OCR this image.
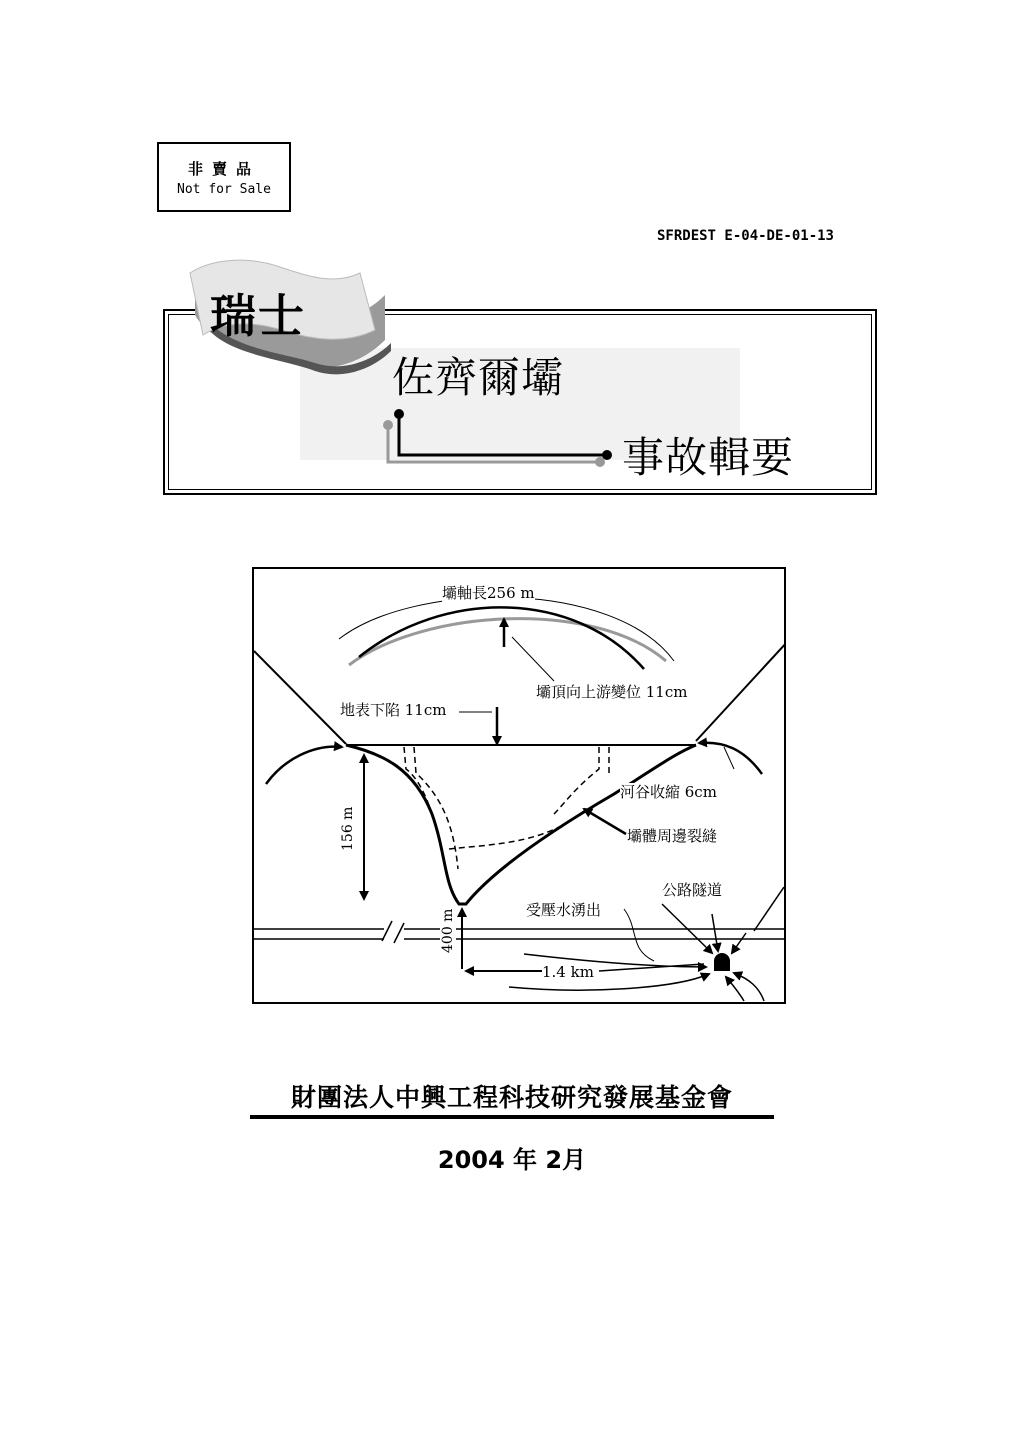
非賣品
Not for Sale
SFRDEST E-04-DE-01-13
瑞士
佐齊爾壩
事故輯要
壩軸長256 m
壩頂向上游變位 11cm
地表下陷 11cm
河谷收縮 6cm
壩體周邊裂縫
公路隧道
受壓水湧出
156 m
400 m
1.4 km
財團法人中興工程科技研究發展基金會
2004 年 2月
